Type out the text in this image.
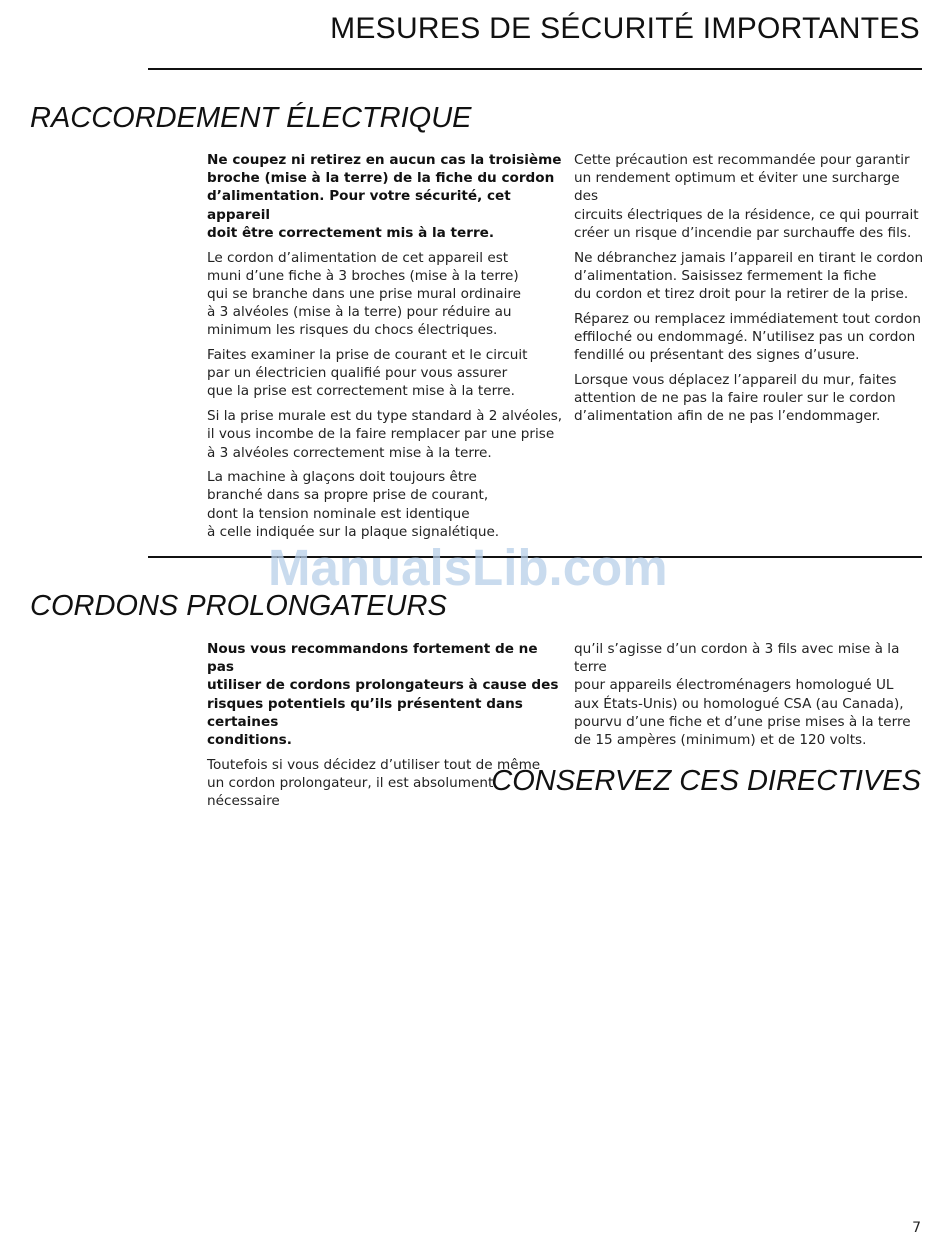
MESURES DE SÉCURITÉ IMPORTANTES
RACCORDEMENT ÉLECTRIQUE

Ne coupez ni retirez en aucun cas la troisième
broche (mise à la terre) de la fiche du cordon
d’alimentation. Pour votre sécurité, cet appareil
doit être correctement mis à la terre.

Le cordon d’alimentation de cet appareil est
muni d’une fiche à 3 broches (mise à la terre)
qui se branche dans une prise mural ordinaire
à 3 alvéoles (mise à la terre) pour réduire au
minimum les risques du chocs électriques.

Faites examiner la prise de courant et le circuit
par un électricien qualifié pour vous assurer
que la prise est correctement mise à la terre.

Si la prise murale est du type standard à 2 alvéoles,
il vous incombe de la faire remplacer par une prise
à 3 alvéoles correctement mise à la terre.

La machine à glaçons doit toujours être
branché dans sa propre prise de courant,
dont la tension nominale est identique
à celle indiquée sur la plaque signalétique.

Cette précaution est recommandée pour garantir
un rendement optimum et éviter une surcharge des
circuits électriques de la résidence, ce qui pourrait
créer un risque d’incendie par surchauffe des fils.

Ne débranchez jamais l’appareil en tirant le cordon
d’alimentation. Saisissez fermement la fiche
du cordon et tirez droit pour la retirer de la prise.

Réparez ou remplacez immédiatement tout cordon
effiloché ou endommagé. N’utilisez pas un cordon
fendillé ou présentant des signes d’usure.

Lorsque vous déplacez l’appareil du mur, faites
attention de ne pas la faire rouler sur le cordon
d’alimentation afin de ne pas l’endommager.

ManualsLib.com
CORDONS PROLONGATEURS

Nous vous recommandons fortement de ne pas
utiliser de cordons prolongateurs à cause des
risques potentiels qu’ils présentent dans certaines
conditions.

Toutefois si vous décidez d’utiliser tout de même
un cordon prolongateur, il est absolument nécessaire

qu’il s’agisse d’un cordon à 3 fils avec mise à la terre
pour appareils électroménagers homologué UL
aux États-Unis) ou homologué CSA (au Canada),
pourvu d’une fiche et d’une prise mises à la terre
de 15 ampères (minimum) et de 120 volts.

CONSERVEZ CES DIRECTIVES
7
